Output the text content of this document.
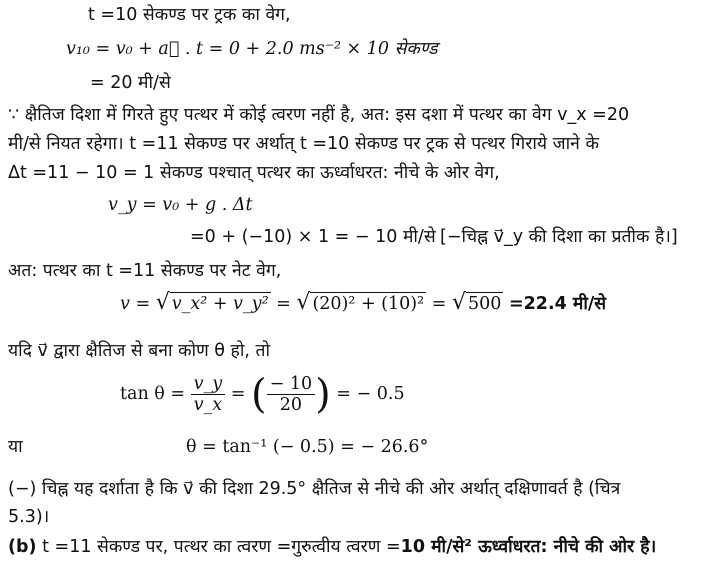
t =10 सेकण्ड पर ट्रक का वेग,
v₁₀ = v₀ + a⃗ . t = 0 + 2.0 ms⁻² × 10 सेकण्ड
= 20 मी/से
∵ क्षैतिज दिशा में गिरते हुए पत्थर में कोई त्वरण नहीं है, अत: इस दशा में पत्थर का वेग v_x =20
मी/से नियत रहेगा। t =11 सेकण्ड पर अर्थात् t =10 सेकण्ड पर ट्रक से पत्थर गिराये जाने के
Δt =11 − 10 = 1 सेकण्ड पश्चात् पत्थर का ऊर्ध्वाधरत: नीचे के ओर वेग,
v_y = v₀ + g . Δt
=0 + (−10) × 1 = − 10 मी/से [−चिह्न v⃗_y की दिशा का प्रतीक है।]
अत: पत्थर का t =11 सेकण्ड पर नेट वेग,
v = √ v_x² + v_y² = √ (20)² + (10)² = √ 500 =22.4 मी/से
यदि v⃗ द्वारा क्षैतिज से बना कोण θ हो, तो
$\tan \theta = \frac{v\_y}{v\_x}$ = ( $\frac{- 10}{20}$ ) = − 0.5
या	θ = tan⁻¹ (− 0.5) = − 26.6°
(−) चिह्न यह दर्शाता है कि v⃗ की दिशा 29.5° क्षैतिज से नीचे की ओर अर्थात् दक्षिणावर्त है (चित्र
5.3)।
(b) t =11 सेकण्ड पर, पत्थर का त्वरण =गुरुत्वीय त्वरण =10 मी/से² ऊर्ध्वाधरत: नीचे की ओर है।
